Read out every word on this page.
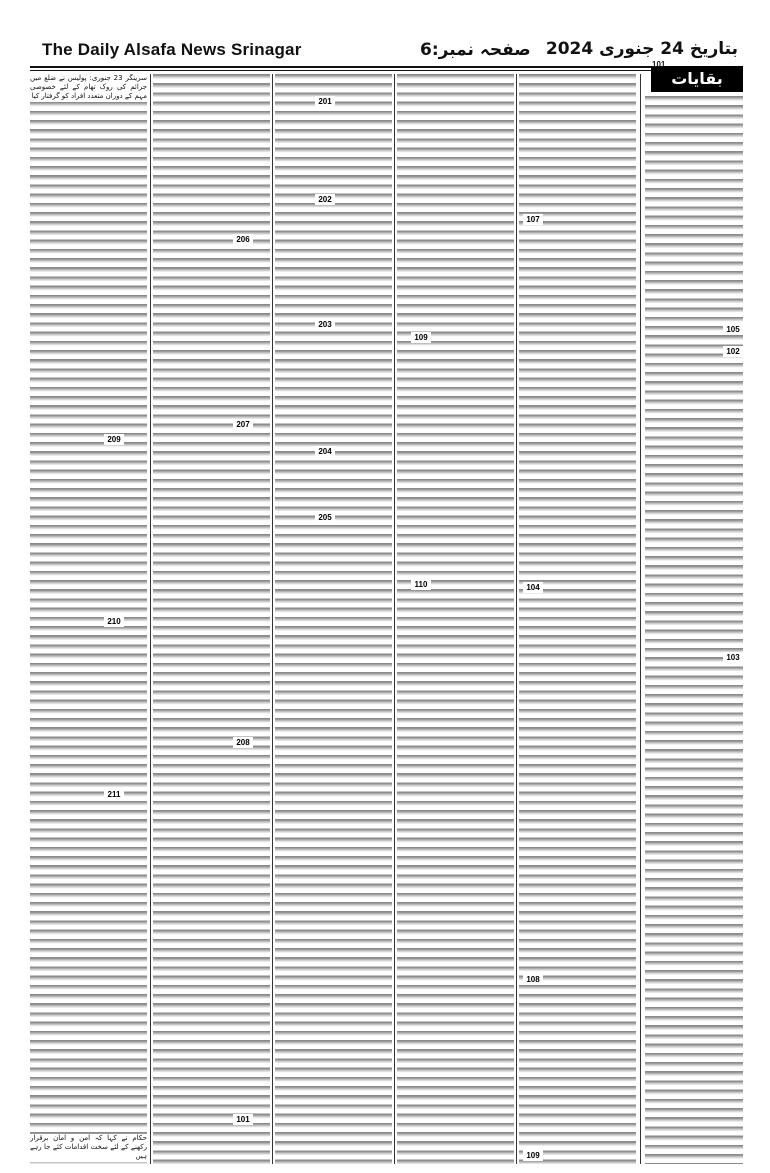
The Daily Alsafa News Srinagar	صفحہ نمبر:6 بتاریخ 24 جنوری 2024
سرینگر 23 جنوری: پولیس نے ضلع میں جرائم کی روک تھام کے لئے خصوصی مہم کے دوران متعدد افراد کو گرفتار کیا
209
210
211
حکام نے کہا کہ امن و امان برقرار رکھنے کے لئے سخت اقدامات کئے جا رہے ہیں
206
207
208
101
201
202
203
204
205
109
110
107
104
108
109
102
103
105
بقایات
101
